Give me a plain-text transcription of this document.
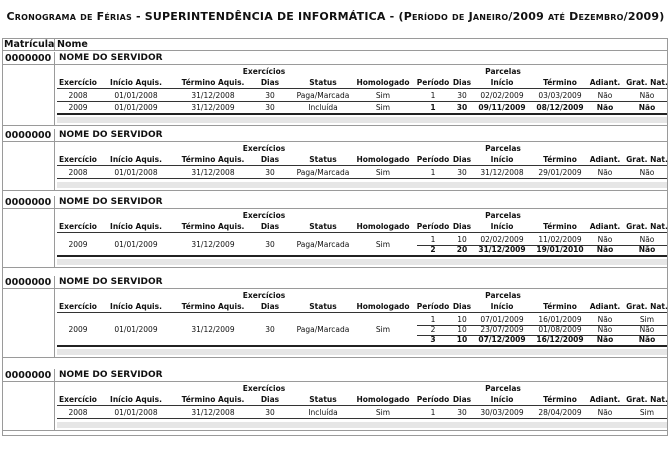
Cronograma de Férias - SUPERINTENDÊNCIA DE INFORMÁTICA - (Período de Janeiro/2009 até Dezembro/2009)
Matrícula Nome
0000000 NOME DO SERVIDOR
Exercícios	Parcelas
Exercício	Início Aquis.	Término Aquis.	Dias	Status	Homologado Período Dias	Início	Término	Adiant. Grat. Nat.
2008	01/01/2008	31/12/2008	30	Paga/Marcada	Sim	1	30	02/02/2009	03/03/2009	Não	Não
2009	01/01/2009	31/12/2009	30	Incluída	Sim	1	30	09/11/2009	08/12/2009	Não	Não
0000000 NOME DO SERVIDOR
Exercícios	Parcelas
Exercício	Início Aquis.	Término Aquis.	Dias	Status	Homologado Período Dias	Início	Término	Adiant. Grat. Nat.
2008	01/01/2008	31/12/2008	30	Paga/Marcada	Sim	1	30	31/12/2008	29/01/2009	Não	Não
0000000 NOME DO SERVIDOR
Exercícios	Parcelas
Exercício	Início Aquis.	Término Aquis.	Dias	Status	Homologado Período Dias	Início	Término	Adiant. Grat. Nat.
2009	01/01/2009	31/12/2009	30	Paga/Marcada	Sim
1	10	02/02/2009	11/02/2009	Não	Não
2	20	31/12/2009	19/01/2010	Não	Não
0000000 NOME DO SERVIDOR
Exercícios	Parcelas
Exercício	Início Aquis.	Término Aquis.	Dias	Status	Homologado Período Dias	Início	Término	Adiant. Grat. Nat.
2009	01/01/2009	31/12/2009	30	Paga/Marcada	Sim
1	10	07/01/2009	16/01/2009	Não	Sim
2	10	23/07/2009	01/08/2009	Não	Não
3	10	07/12/2009	16/12/2009	Não	Não
0000000 NOME DO SERVIDOR
Exercícios	Parcelas
Exercício	Início Aquis.	Término Aquis.	Dias	Status	Homologado Período Dias	Início	Término	Adiant. Grat. Nat.
2008	01/01/2008	31/12/2008	30	Incluída	Sim	1	30	30/03/2009	28/04/2009	Não	Sim
